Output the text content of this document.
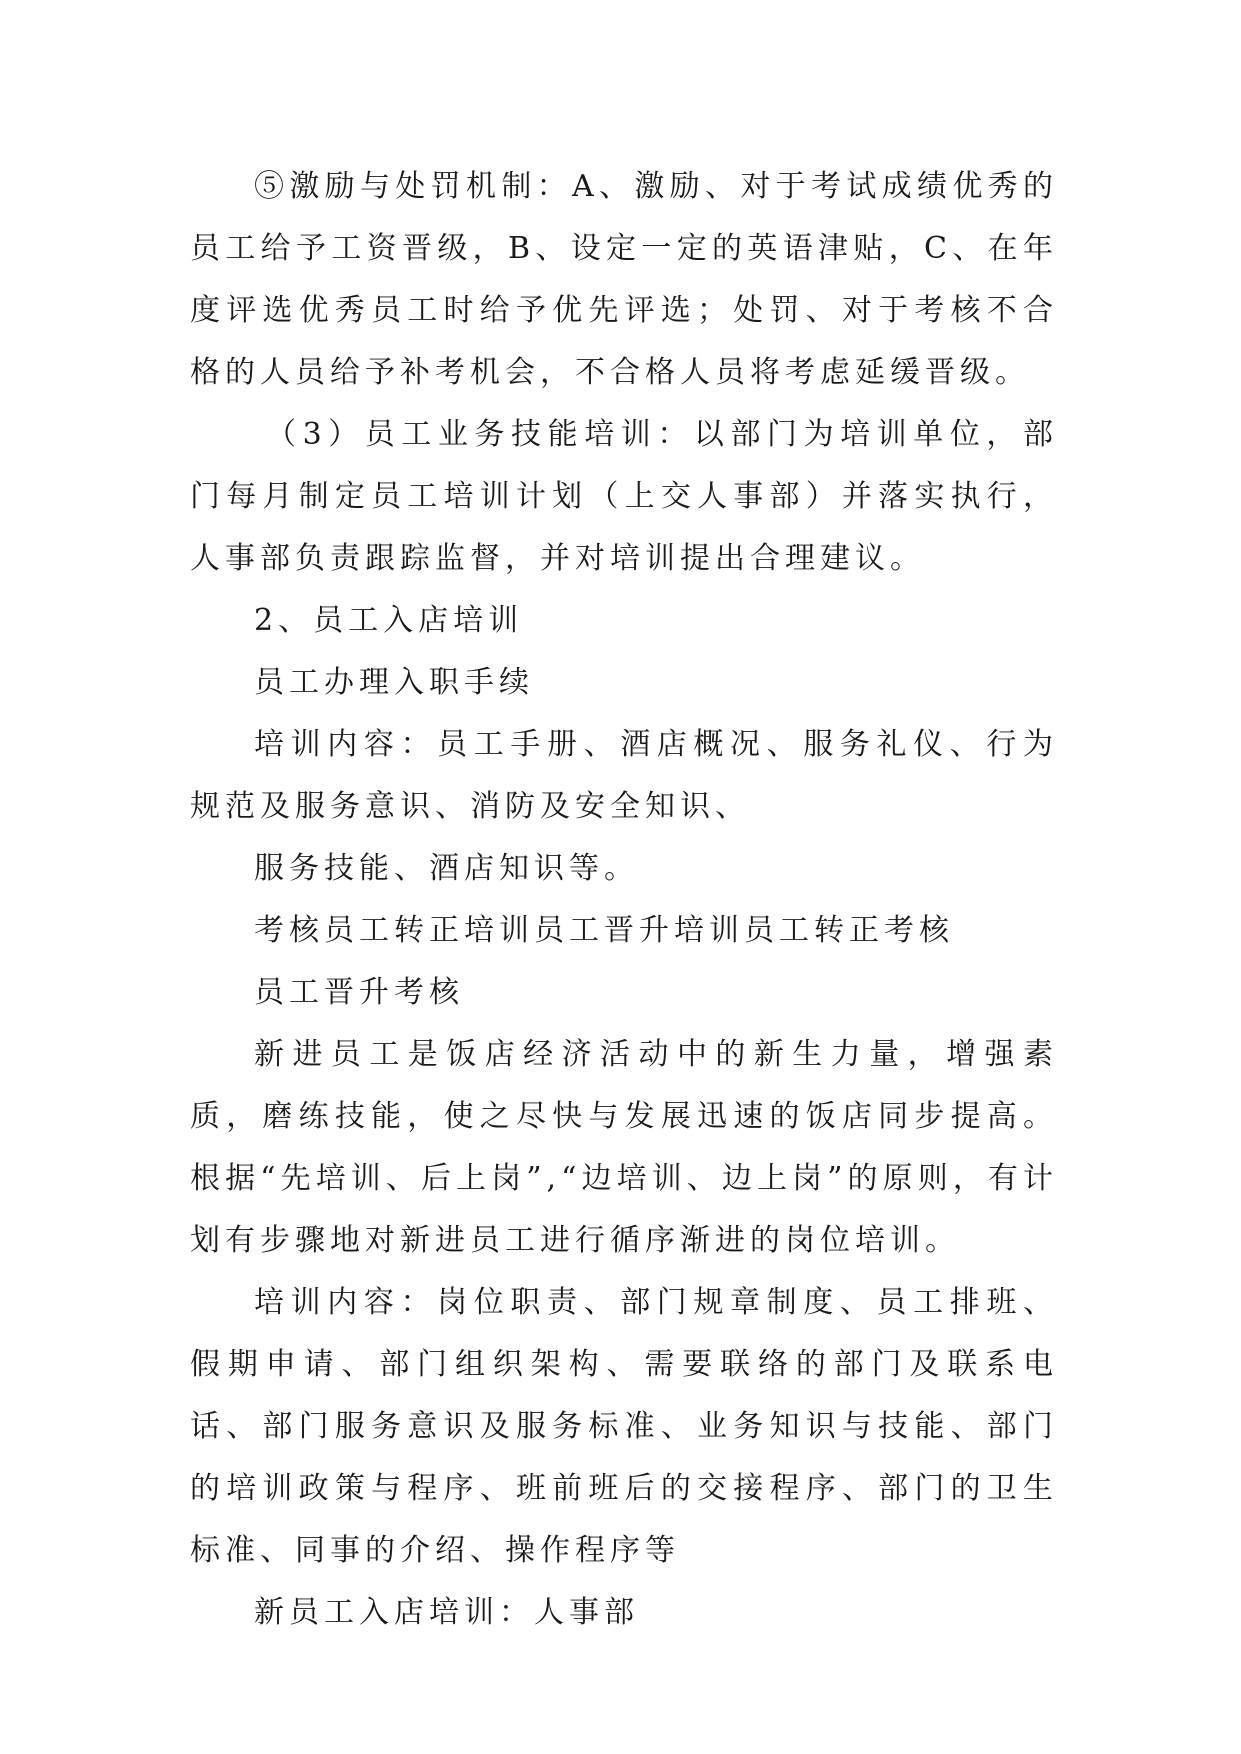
⑤激励与处罚机制：A、激励、对于考试成绩优秀的员工给予工资晋级，B、设定一定的英语津贴，C、在年度评选优秀员工时给予优先评选；处罚、对于考核不合格的人员给予补考机会，不合格人员将考虑延缓晋级。

（3）员工业务技能培训：以部门为培训单位，部门每月制定员工培训计划（上交人事部）并落实执行，人事部负责跟踪监督，并对培训提出合理建议。

2、员工入店培训

员工办理入职手续

培训内容：员工手册、酒店概况、服务礼仪、行为规范及服务意识、消防及安全知识、

服务技能、酒店知识等。

考核员工转正培训员工晋升培训员工转正考核

员工晋升考核

新进员工是饭店经济活动中的新生力量，增强素质，磨练技能，使之尽快与发展迅速的饭店同步提高。根据“先培训、后上岗”,“边培训、边上岗”的原则，有计划有步骤地对新进员工进行循序渐进的岗位培训。

培训内容：岗位职责、部门规章制度、员工排班、假期申请、部门组织架构、需要联络的部门及联系电话、部门服务意识及服务标准、业务知识与技能、部门的培训政策与程序、班前班后的交接程序、部门的卫生标准、同事的介绍、操作程序等

新员工入店培训：人事部
